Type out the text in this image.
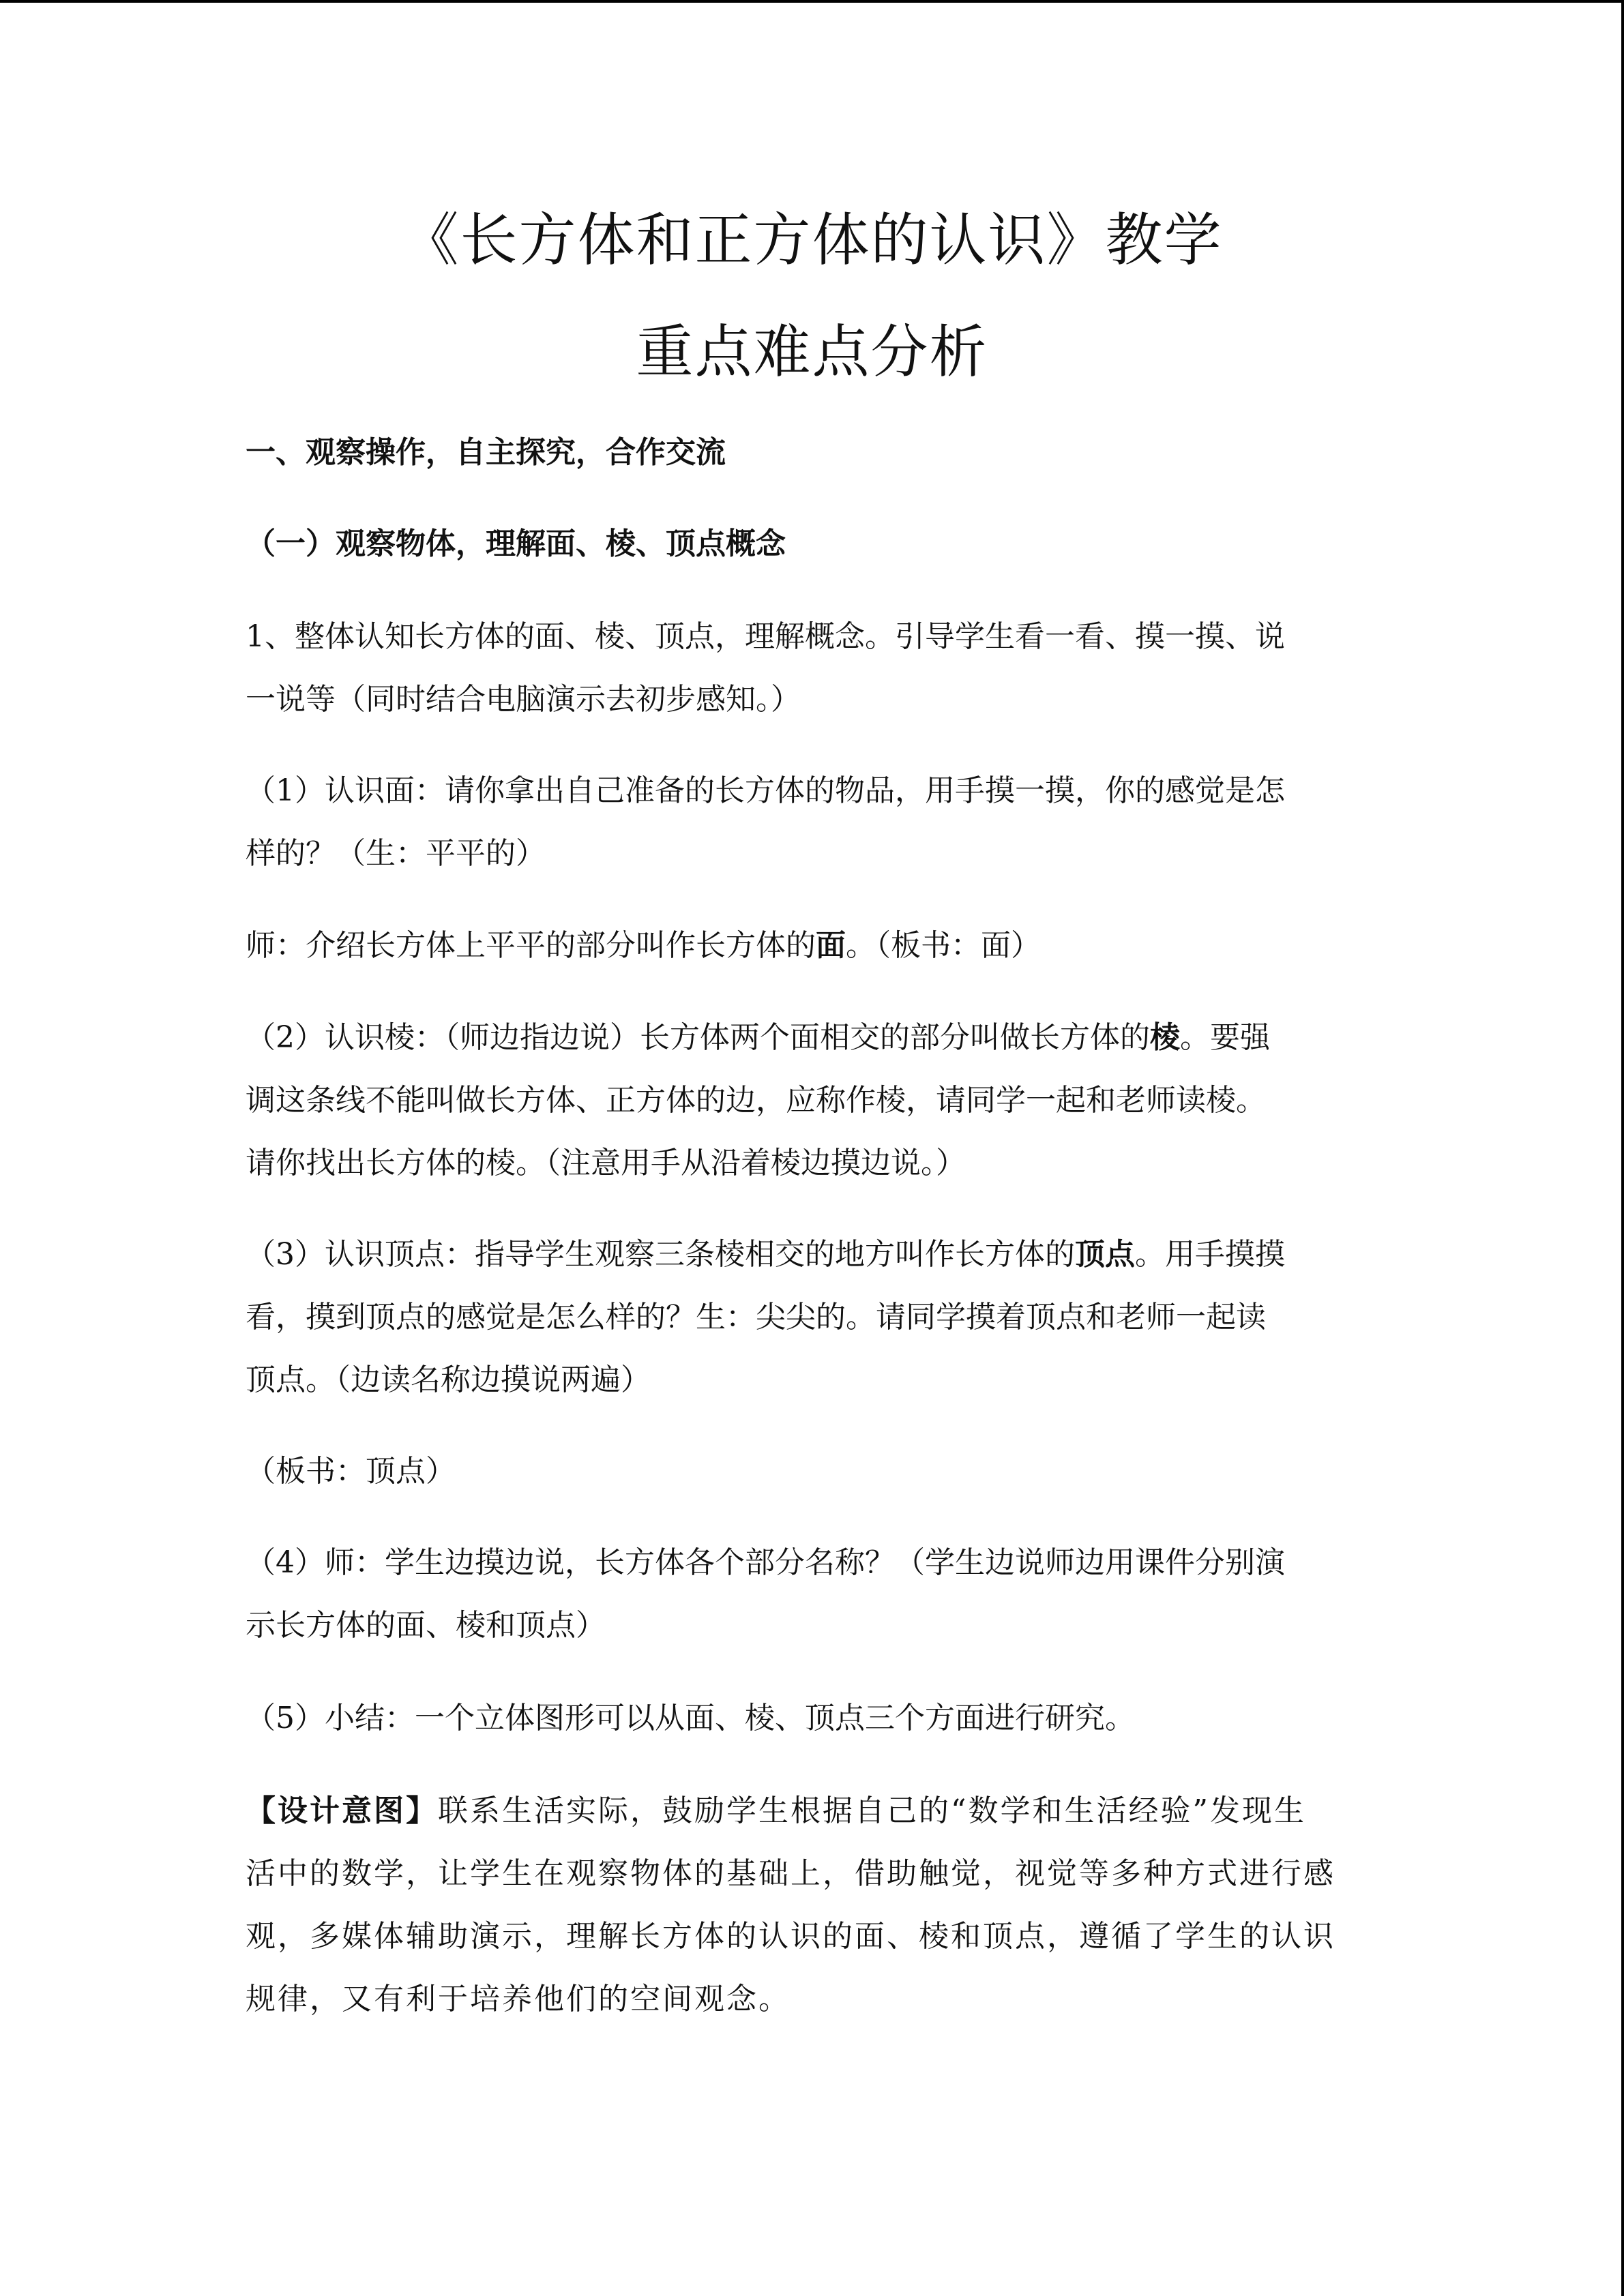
《长方体和正方体的认识》教学
重点难点分析

一、观察操作，自主探究，合作交流

（一）观察物体，理解面、棱、顶点概念

1、整体认知长方体的面、棱、顶点，理解概念。引导学生看一看、摸一摸、说
一说等（同时结合电脑演示去初步感知。）
（1）认识面：请你拿出自己准备的长方体的物品，用手摸一摸，你的感觉是怎
样的？（生：平平的）
师：介绍长方体上平平的部分叫作长方体的面。（板书：面）
（2）认识棱：（师边指边说）长方体两个面相交的部分叫做长方体的棱。要强
调这条线不能叫做长方体、正方体的边，应称作棱，请同学一起和老师读棱。
请你找出长方体的棱。（注意用手从沿着棱边摸边说。）
（3）认识顶点：指导学生观察三条棱相交的地方叫作长方体的顶点。用手摸摸
看，摸到顶点的感觉是怎么样的？生：尖尖的。请同学摸着顶点和老师一起读
顶点。（边读名称边摸说两遍）

（板书：顶点）

（4）师：学生边摸边说，长方体各个部分名称？（学生边说师边用课件分别演
示长方体的面、棱和顶点）

（5）小结：一个立体图形可以从面、棱、顶点三个方面进行研究。

【设计意图】联系生活实际，鼓励学生根据自己的“数学和生活经验”发现生
活中的数学，让学生在观察物体的基础上，借助触觉，视觉等多种方式进行感
观，多媒体辅助演示，理解长方体的认识的面、棱和顶点，遵循了学生的认识
规律，又有利于培养他们的空间观念。
